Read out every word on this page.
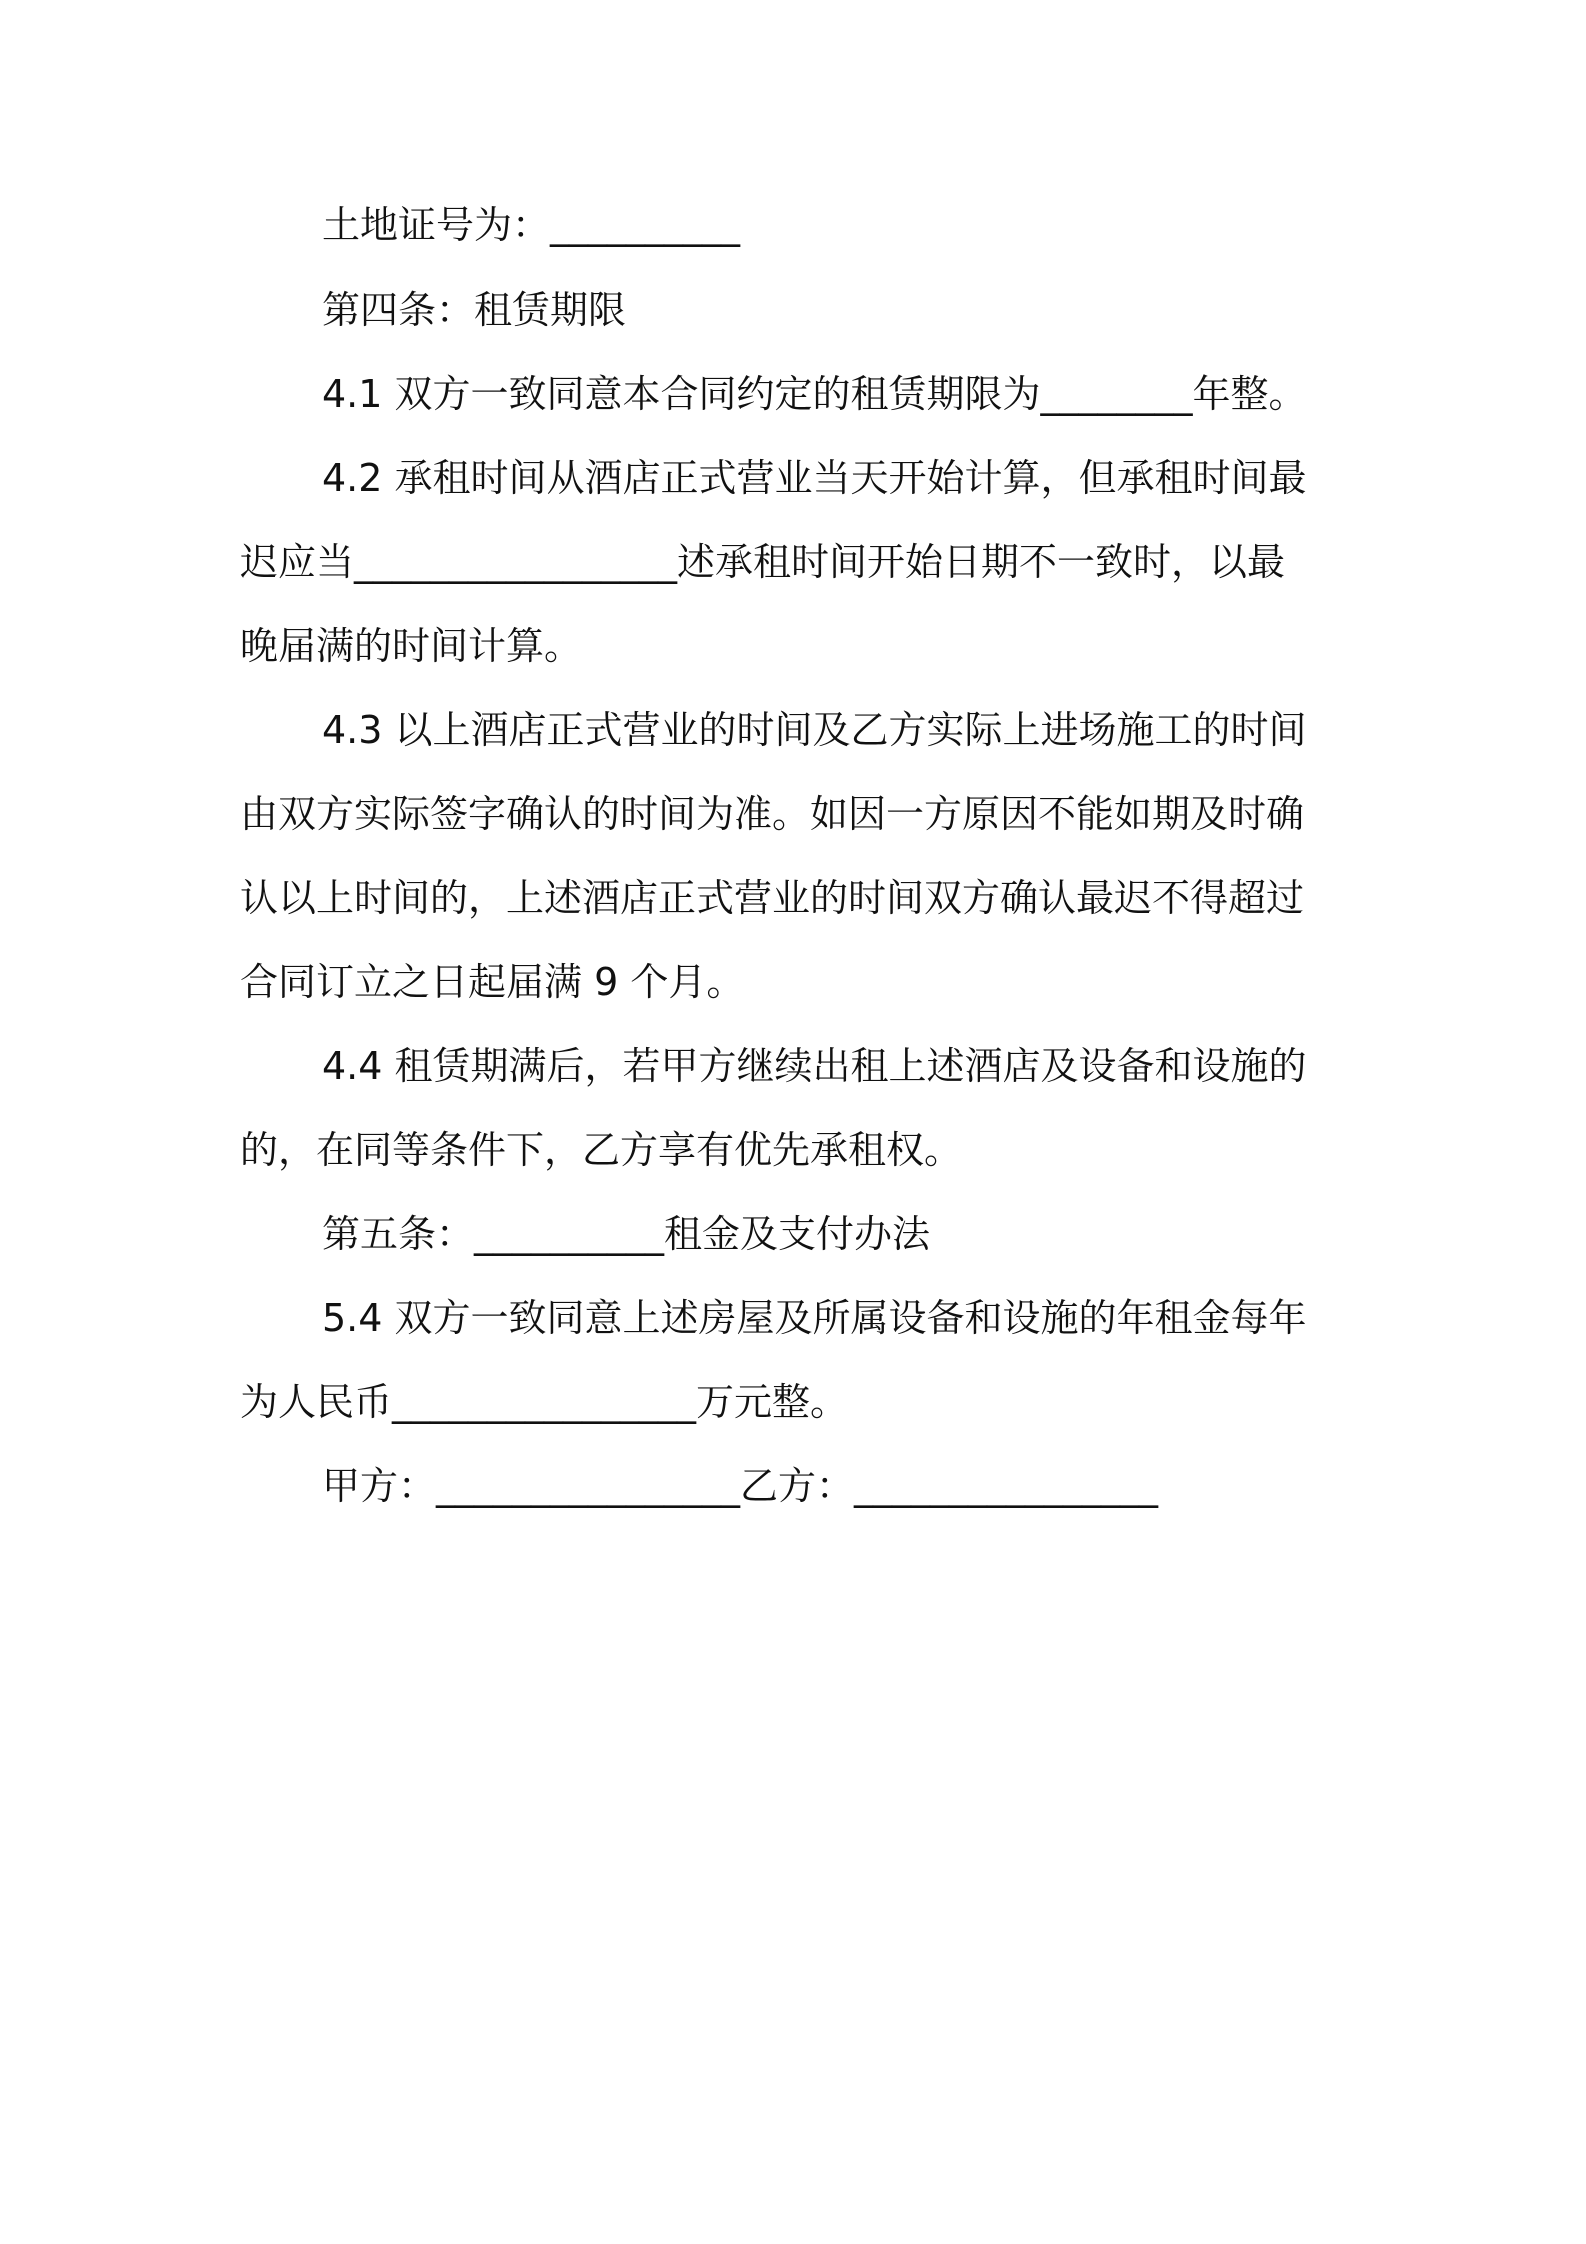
土地证号为：__________
第四条：租赁期限
4.1 双方一致同意本合同约定的租赁期限为________年整。
4.2 承租时间从酒店正式营业当天开始计算，但承租时间最
迟应当_________________述承租时间开始日期不一致时，以最
晚届满的时间计算。
4.3 以上酒店正式营业的时间及乙方实际上进场施工的时间
由双方实际签字确认的时间为准。如因一方原因不能如期及时确
认以上时间的，上述酒店正式营业的时间双方确认最迟不得超过
合同订立之日起届满 9 个月。
4.4 租赁期满后，若甲方继续出租上述酒店及设备和设施的
的，在同等条件下，乙方享有优先承租权。
第五条：__________租金及支付办法
5.4 双方一致同意上述房屋及所属设备和设施的年租金每年
为人民币________________万元整。
甲方：________________乙方：________________
